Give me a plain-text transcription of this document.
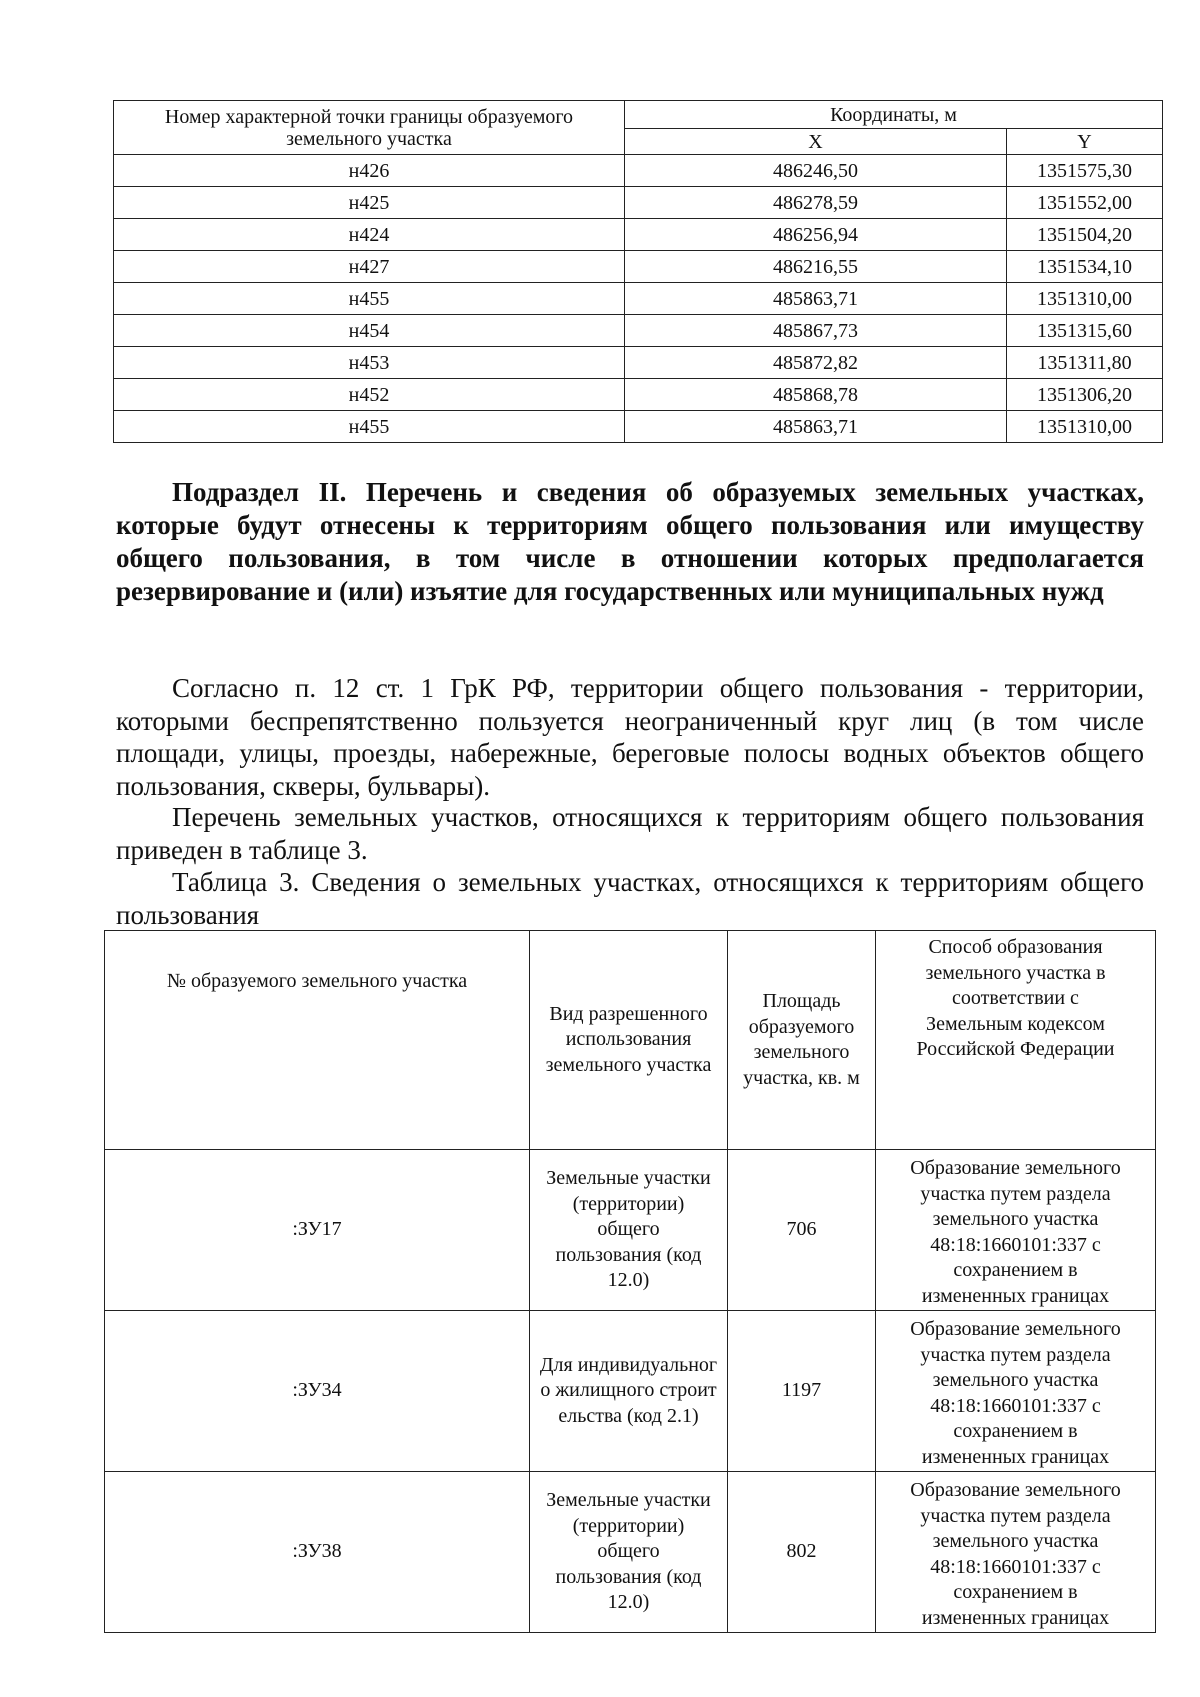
Номер характерной точки границы образуемого земельного участка	Координаты, м	
	X	Y
н426	486246,50	1351575,30
н425	486278,59	1351552,00
н424	486256,94	1351504,20
н427	486216,55	1351534,10
н455	485863,71	1351310,00
н454	485867,73	1351315,60
н453	485872,82	1351311,80
н452	485868,78	1351306,20
н455	485863,71	1351310,00

Подраздел II. Перечень и сведения об образуемых земельных участках, которые будут отнесены к территориям общего пользования или имуществу общего пользования, в том числе в отношении которых предполагается резервирование и (или) изъятие для государственных или муниципальных нужд

Согласно п. 12 ст. 1 ГрК РФ, территории общего пользования - территории, которыми беспрепятственно пользуется неограниченный круг лиц (в том числе площади, улицы, проезды, набережные, береговые полосы водных объектов общего пользования, скверы, бульвары).

Перечень земельных участков, относящихся к территориям общего пользования приведен в таблице 3.

Таблица 3. Сведения о земельных участках, относящихся к территориям общего пользования

№ образуемого земельного участка	Вид разрешенного использования земельного участка	Площадь образуемого земельного участка, кв. м	Способ образования земельного участка в соответствии с Земельным кодексом Российской Федерации
:ЗУ17	Земельные участки (территории) общего пользования (код 12.0)	706	Образование земельного участка путем раздела земельного участка 48:18:1660101:337 с сохранением в измененных границах
:ЗУ34	Для индивидуального жилищного строительства (код 2.1)	1197	Образование земельного участка путем раздела земельного участка 48:18:1660101:337 с сохранением в измененных границах
:ЗУ38	Земельные участки (территории) общего пользования (код 12.0)	802	Образование земельного участка путем раздела земельного участка 48:18:1660101:337 с сохранением в измененных границах
